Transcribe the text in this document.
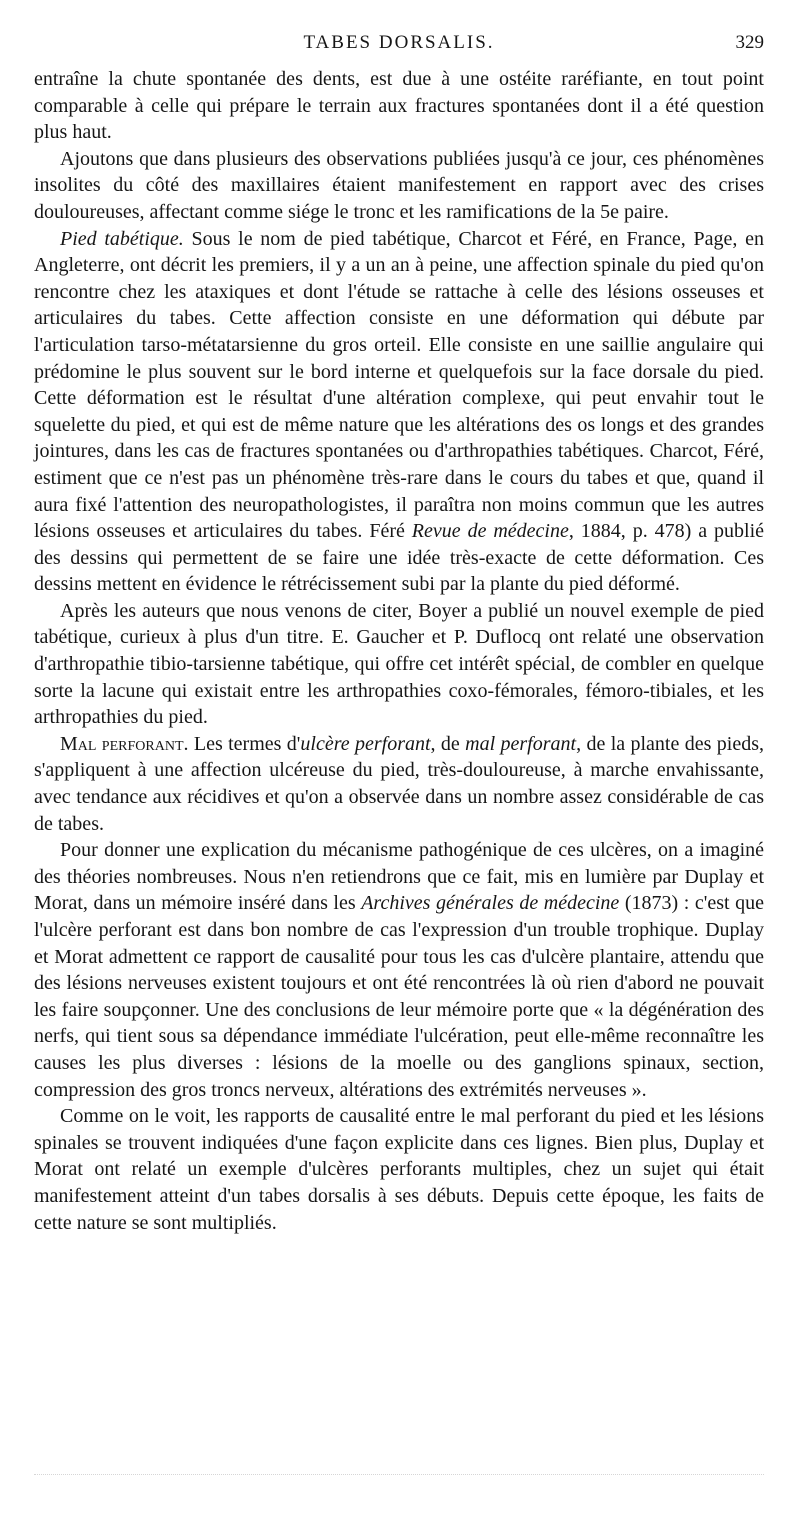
TABES DORSALIS.	329

entraîne la chute spontanée des dents, est due à une ostéite raréfiante, en tout point comparable à celle qui prépare le terrain aux fractures spontanées dont il a été question plus haut.

Ajoutons que dans plusieurs des observations publiées jusqu'à ce jour, ces phénomènes insolites du côté des maxillaires étaient manifestement en rapport avec des crises douloureuses, affectant comme siége le tronc et les ramifications de la 5e paire.

Pied tabétique. Sous le nom de pied tabétique, Charcot et Féré, en France, Page, en Angleterre, ont décrit les premiers, il y a un an à peine, une affection spinale du pied qu'on rencontre chez les ataxiques et dont l'étude se rattache à celle des lésions osseuses et articulaires du tabes. Cette affection consiste en une déformation qui débute par l'articulation tarso-métatarsienne du gros orteil. Elle consiste en une saillie angulaire qui prédomine le plus souvent sur le bord interne et quelquefois sur la face dorsale du pied. Cette déformation est le résultat d'une altération complexe, qui peut envahir tout le squelette du pied, et qui est de même nature que les altérations des os longs et des grandes jointures, dans les cas de fractures spontanées ou d'arthropathies tabétiques. Charcot, Féré, estiment que ce n'est pas un phénomène très-rare dans le cours du tabes et que, quand il aura fixé l'attention des neuropathologistes, il paraîtra non moins commun que les autres lésions osseuses et articulaires du tabes. Féré Revue de médecine, 1884, p. 478) a publié des dessins qui permettent de se faire une idée très-exacte de cette déformation. Ces dessins mettent en évidence le rétrécissement subi par la plante du pied déformé.

Après les auteurs que nous venons de citer, Boyer a publié un nouvel exemple de pied tabétique, curieux à plus d'un titre. E. Gaucher et P. Duflocq ont relaté une observation d'arthropathie tibio-tarsienne tabétique, qui offre cet intérêt spécial, de combler en quelque sorte la lacune qui existait entre les arthropathies coxo-fémorales, fémoro-tibiales, et les arthropathies du pied.

Mal perforant. Les termes d'ulcère perforant, de mal perforant, de la plante des pieds, s'appliquent à une affection ulcéreuse du pied, très-douloureuse, à marche envahissante, avec tendance aux récidives et qu'on a observée dans un nombre assez considérable de cas de tabes.

Pour donner une explication du mécanisme pathogénique de ces ulcères, on a imaginé des théories nombreuses. Nous n'en retiendrons que ce fait, mis en lumière par Duplay et Morat, dans un mémoire inséré dans les Archives générales de médecine (1873) : c'est que l'ulcère perforant est dans bon nombre de cas l'expression d'un trouble trophique. Duplay et Morat admettent ce rapport de causalité pour tous les cas d'ulcère plantaire, attendu que des lésions nerveuses existent toujours et ont été rencontrées là où rien d'abord ne pouvait les faire soupçonner. Une des conclusions de leur mémoire porte que « la dégénération des nerfs, qui tient sous sa dépendance immédiate l'ulcération, peut elle-même reconnaître les causes les plus diverses : lésions de la moelle ou des ganglions spinaux, section, compression des gros troncs nerveux, altérations des extrémités nerveuses ».

Comme on le voit, les rapports de causalité entre le mal perforant du pied et les lésions spinales se trouvent indiquées d'une façon explicite dans ces lignes. Bien plus, Duplay et Morat ont relaté un exemple d'ulcères perforants multiples, chez un sujet qui était manifestement atteint d'un tabes dorsalis à ses débuts. Depuis cette époque, les faits de cette nature se sont multipliés.
